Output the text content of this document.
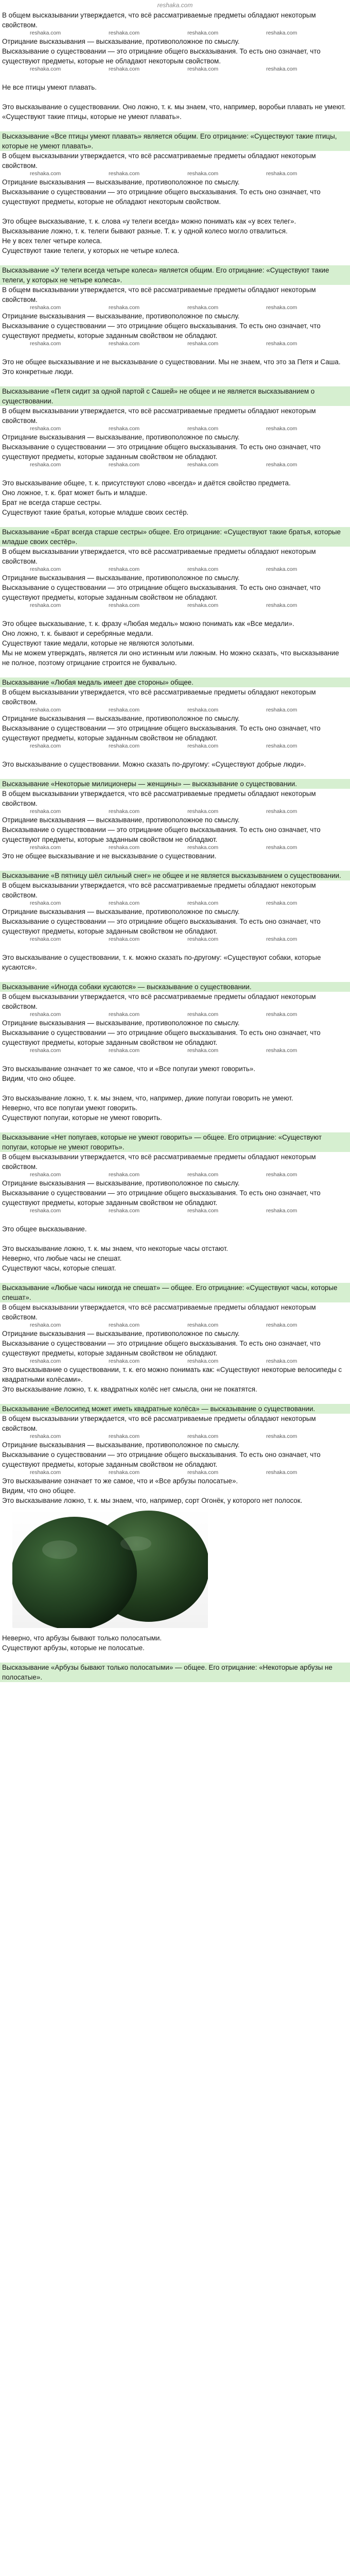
reshaka.com
В общем высказывании утверждается, что всё рассматриваемые предметы обладают некоторым свойством.
reshaka.com	reshaka.com	reshaka.com	reshaka.com
Отрицание высказывания — высказывание, противоположное по смыслу.
Высказывание о существовании — это отрицание общего высказывания. То есть оно означает, что существуют предметы, которые не обладают некоторым свойством.
reshaka.com	reshaka.com	reshaka.com	reshaka.com
Не все птицы умеют плавать.
Это высказывание о существовании. Оно ложно, т. к. мы знаем, что, например, воробьи плавать не умеют.
«Существуют такие птицы, которые не умеют плавать».
Высказывание «Все птицы умеют плавать» является общим. Его отрицание: «Существуют такие птицы, которые не умеют плавать».
В общем высказывании утверждается, что всё рассматриваемые предметы обладают некоторым свойством.
reshaka.com	reshaka.com	reshaka.com	reshaka.com
Отрицание высказывания — высказывание, противоположное по смыслу.
Высказывание о существовании — это отрицание общего высказывания. То есть оно означает, что существуют предметы, которые не обладают некоторым свойством.
Это общее высказывание, т. к. слова «у телеги всегда» можно понимать как «у всех телег».
Высказывание ложно, т. к. телеги бывают разные. Т. к. у одной колесо могло отвалиться.
Не у всех телег четыре колеса.
Существуют такие телеги, у которых не четыре колеса.
Высказывание «У телеги всегда четыре колеса» является общим. Его отрицание: «Существуют такие телеги, у которых не четыре колеса».
В общем высказывании утверждается, что всё рассматриваемые предметы обладают некоторым свойством.
reshaka.com	reshaka.com	reshaka.com	reshaka.com
Отрицание высказывания — высказывание, противоположное по смыслу.
Высказывание о существовании — это отрицание общего высказывания. То есть оно означает, что существуют предметы, которые заданным свойством не обладают.
reshaka.com	reshaka.com	reshaka.com	reshaka.com
Это не общее высказывание и не высказывание о существовании. Мы не знаем, что это за Петя и Саша. Это конкретные люди.
Высказывание «Петя сидит за одной партой с Сашей» не общее и не является высказыванием о существовании.
В общем высказывании утверждается, что всё рассматриваемые предметы обладают некоторым свойством.
reshaka.com	reshaka.com	reshaka.com	reshaka.com
Отрицание высказывания — высказывание, противоположное по смыслу.
Высказывание о существовании — это отрицание общего высказывания. То есть оно означает, что существуют предметы, которые заданным свойством не обладают.
reshaka.com	reshaka.com	reshaka.com	reshaka.com
Это высказывание общее, т. к. присутствуют слово «всегда» и даётся свойство предмета.
Оно ложное, т. к. брат может быть и младше.
Брат не всегда старше сестры.
Существуют такие братья, которые младше своих сестёр.
Высказывание «Брат всегда старше сестры» общее. Его отрицание: «Существуют такие братья, которые младше своих сестёр».
В общем высказывании утверждается, что всё рассматриваемые предметы обладают некоторым свойством.
reshaka.com	reshaka.com	reshaka.com	reshaka.com
Отрицание высказывания — высказывание, противоположное по смыслу.
Высказывание о существовании — это отрицание общего высказывания. То есть оно означает, что существуют предметы, которые заданным свойством не обладают.
reshaka.com	reshaka.com	reshaka.com	reshaka.com
Это общее высказывание, т. к. фразу «Любая медаль» можно понимать как «Все медали».
Оно ложно, т. к. бывают и серебряные медали.
Существуют такие медали, которые не являются золотыми.
Мы не можем утверждать, является ли оно истинным или ложным. Но можно сказать, что высказывание не полное, поэтому отрицание строится не буквально.
Высказывание «Любая медаль имеет две стороны» общее.
В общем высказывании утверждается, что всё рассматриваемые предметы обладают некоторым свойством.
reshaka.com	reshaka.com	reshaka.com	reshaka.com
Отрицание высказывания — высказывание, противоположное по смыслу.
Высказывание о существовании — это отрицание общего высказывания. То есть оно означает, что существуют предметы, которые заданным свойством не обладают.
reshaka.com	reshaka.com	reshaka.com	reshaka.com
Это высказывание о существовании. Можно сказать по-другому: «Существуют добрые люди».
Высказывание «Некоторые милиционеры — женщины» — высказывание о существовании.
В общем высказывании утверждается, что всё рассматриваемые предметы обладают некоторым свойством.
reshaka.com	reshaka.com	reshaka.com	reshaka.com
Отрицание высказывания — высказывание, противоположное по смыслу.
Высказывание о существовании — это отрицание общего высказывания. То есть оно означает, что существуют предметы, которые заданным свойством не обладают.
reshaka.com	reshaka.com	reshaka.com	reshaka.com
Это не общее высказывание и не высказывание о существовании.
Высказывание «В пятницу шёл сильный снег» не общее и не является высказыванием о существовании.
В общем высказывании утверждается, что всё рассматриваемые предметы обладают некоторым свойством.
reshaka.com	reshaka.com	reshaka.com	reshaka.com
Отрицание высказывания — высказывание, противоположное по смыслу.
Высказывание о существовании — это отрицание общего высказывания. То есть оно означает, что существуют предметы, которые заданным свойством не обладают.
reshaka.com	reshaka.com	reshaka.com	reshaka.com
Это высказывание о существовании, т. к. можно сказать по-другому: «Существуют собаки, которые кусаются».
Высказывание «Иногда собаки кусаются» — высказывание о существовании.
В общем высказывании утверждается, что всё рассматриваемые предметы обладают некоторым свойством.
reshaka.com	reshaka.com	reshaka.com	reshaka.com
Отрицание высказывания — высказывание, противоположное по смыслу.
Высказывание о существовании — это отрицание общего высказывания. То есть оно означает, что существуют предметы, которые заданным свойством не обладают.
reshaka.com	reshaka.com	reshaka.com	reshaka.com
Это высказывание означает то же самое, что и «Все попугаи умеют говорить».
Видим, что оно общее.
Это высказывание ложно, т. к. мы знаем, что, например, дикие попугаи говорить не умеют.
Неверно, что все попугаи умеют говорить.
Существуют попугаи, которые не умеют говорить.
Высказывание «Нет попугаев, которые не умеют говорить» — общее. Его отрицание: «Существуют попугаи, которые не умеют говорить».
В общем высказывании утверждается, что всё рассматриваемые предметы обладают некоторым свойством.
reshaka.com	reshaka.com	reshaka.com	reshaka.com
Отрицание высказывания — высказывание, противоположное по смыслу.
Высказывание о существовании — это отрицание общего высказывания. То есть оно означает, что существуют предметы, которые заданным свойством не обладают.
reshaka.com	reshaka.com	reshaka.com	reshaka.com
Это общее высказывание.
Это высказывание ложно, т. к. мы знаем, что некоторые часы отстают.
Неверно, что любые часы не спешат.
Существуют часы, которые спешат.
Высказывание «Любые часы никогда не спешат» — общее. Его отрицание: «Существуют часы, которые спешат».
В общем высказывании утверждается, что всё рассматриваемые предметы обладают некоторым свойством.
reshaka.com	reshaka.com	reshaka.com	reshaka.com
Отрицание высказывания — высказывание, противоположное по смыслу.
Высказывание о существовании — это отрицание общего высказывания. То есть оно означает, что существуют предметы, которые заданным свойством не обладают.
reshaka.com	reshaka.com	reshaka.com	reshaka.com
Это высказывание о существовании, т. к. его можно понимать как: «Существуют некоторые велосипеды с квадратными колёсами».
Это высказывание ложно, т. к. квадратных колёс нет смысла, они не покатятся.
Высказывание «Велосипед может иметь квадратные колёса» — высказывание о существовании.
В общем высказывании утверждается, что всё рассматриваемые предметы обладают некоторым свойством.
reshaka.com	reshaka.com	reshaka.com	reshaka.com
Отрицание высказывания — высказывание, противоположное по смыслу.
Высказывание о существовании — это отрицание общего высказывания. То есть оно означает, что существуют предметы, которые заданным свойством не обладают.
reshaka.com	reshaka.com	reshaka.com	reshaka.com
Это высказывание означает то же самое, что и «Все арбузы полосатые».
Видим, что оно общее.
Это высказывание ложно, т. к. мы знаем, что, например, сорт Огонёк, у которого нет полосок.
Неверно, что арбузы бывают только полосатыми.
Существуют арбузы, которые не полосатые.
Высказывание «Арбузы бывают только полосатыми» — общее. Его отрицание: «Некоторые арбузы не полосатые».
